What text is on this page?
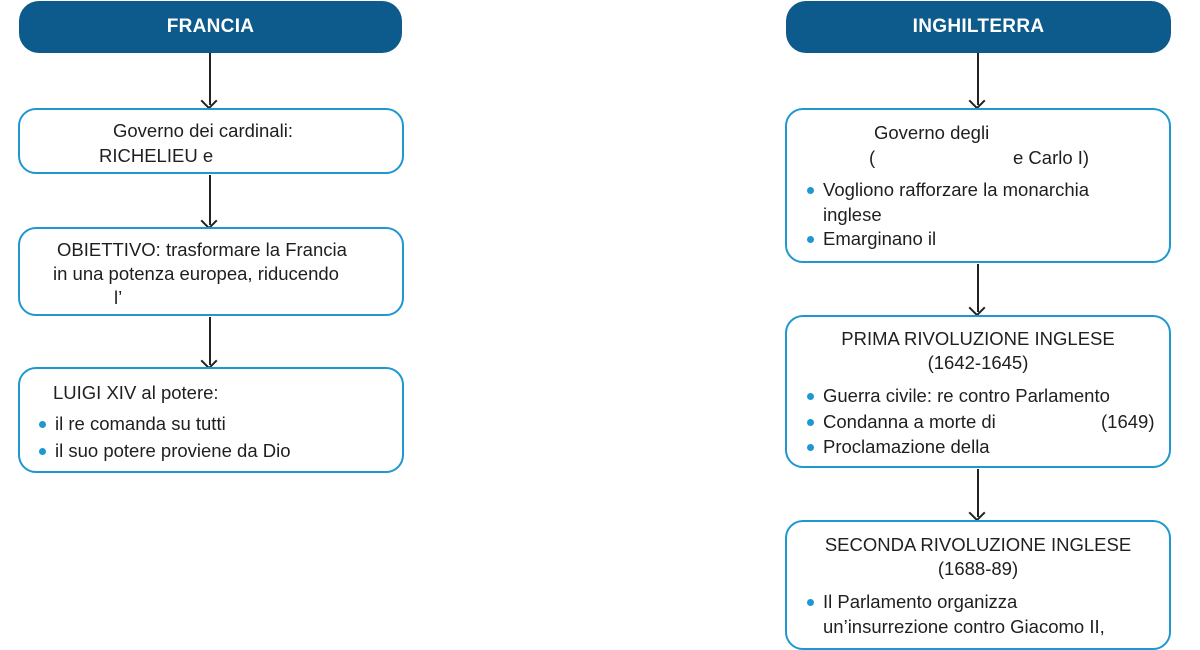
FRANCIA
Governo dei cardinali:
RICHELIEU e
OBIETTIVO: trasformare la Francia
in una potenza europea, riducendo
l’
LUIGI XIV al potere:
il re comanda su tutti
il suo potere proviene da Dio
INGHILTERRA
Governo degli
(	e Carlo I)
Vogliono rafforzare la monarchia
inglese
Emarginano il
PRIMA RIVOLUZIONE INGLESE
(1642-1645)
Guerra civile: re contro Parlamento
Condanna a morte di
Proclamazione della
(1649)
SECONDA RIVOLUZIONE INGLESE
(1688-89)
Il Parlamento organizza
un’insurrezione contro Giacomo II,
